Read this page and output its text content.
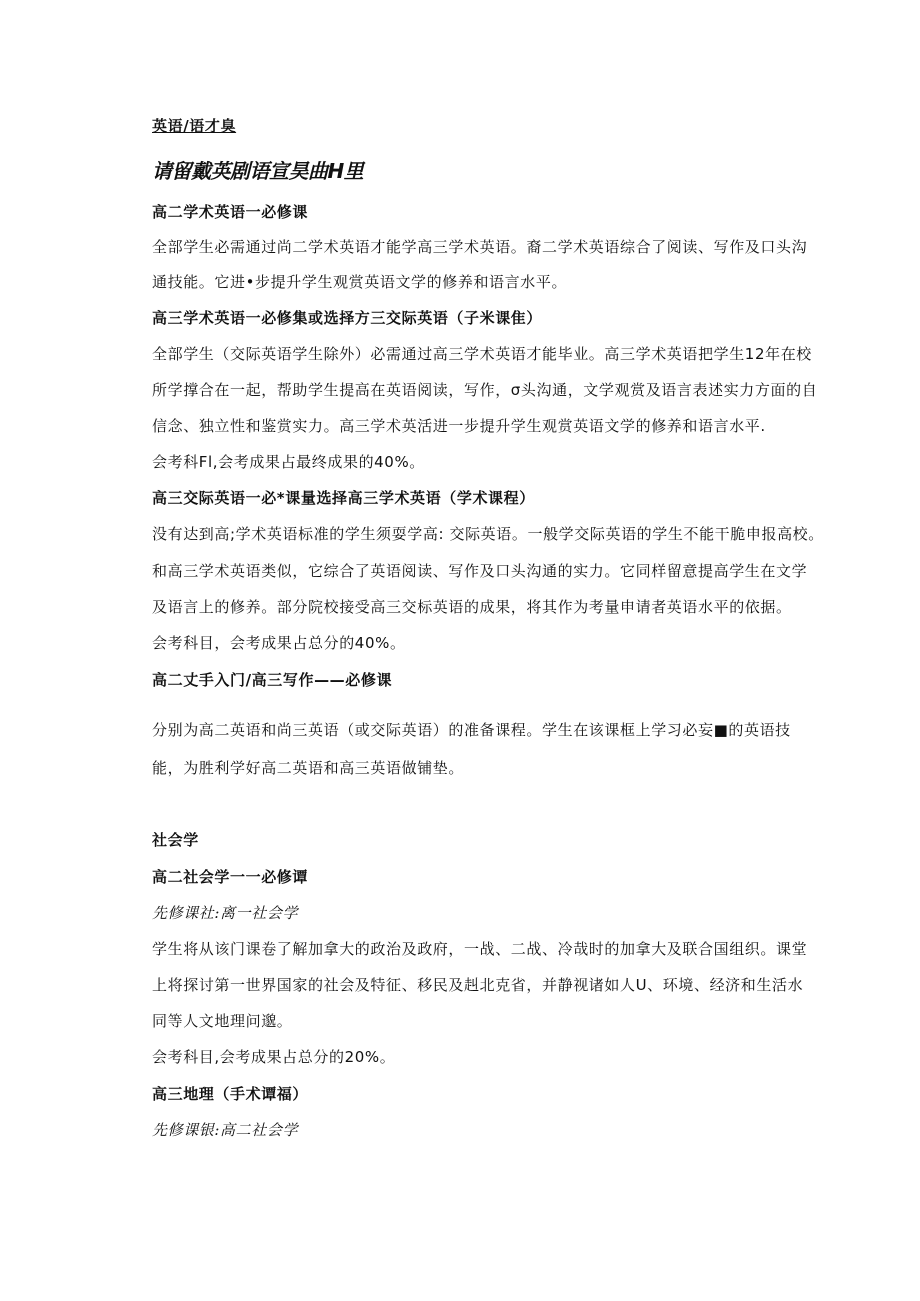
英语/语才臭
请留戴英剧语宣昊曲H里
高二学术英语一必修课
全部学生必需通过尚二学术英语才能学高三学术英语。裔二学术英语综合了阅读、写作及口头沟
通技能。它进•步提升学生观赏英语文学的修养和语言水平。
高三学术英语一必修集或选择方三交际英语（子米课隹）
全部学生（交际英语学生除外）必需通过高三学术英语才能毕业。高三学术英语把学生12年在校
所学撑合在一起，帮助学生提高在英语阅读，写作，σ头沟通，文学观赏及语言表述实力方面的自
信念、独立性和鉴赏实力。高三学术英活进一步提升学生观赏英语文学的修养和语言水平.
会考科Fl,会考成果占最终成果的40%。
高三交际英语一必*课量选择高三学术英语（学术课程）
没有达到高;学术英语标准的学生须耍学高: 交际英语。一般学交际英语的学生不能干脆申报高校。
和高三学术英语类似，它综合了英语阅读、写作及口头沟通的实力。它同样留意提高学生在文学
及语言上的修养。部分院校接受高三交标英语的成果，将其作为考量申请者英语水平的依据。
会考科目，会考成果占总分的40%。
高二丈手入门/高三写作——必修课
分别为高二英语和尚三英语（或交际英语）的准备课程。学生在该课框上学习必妄■的英语技
能，为胜利学好高二英语和高三英语做铺垫。
社会学
高二社会学一一必修谭
先修课社:离一社会学
学生将从该门课卷了解加拿大的政治及政府，一战、二战、冷哉时的加拿大及联合国组织。课堂
上将探讨第一世界国家的社会及特征、移民及赳北克省，并静视诸如人U、环境、经济和生活水
同等人文地理问邈。
会考科目,会考成果占总分的20%。
高三地理（手术谭福）
先修课银:高二社会学
